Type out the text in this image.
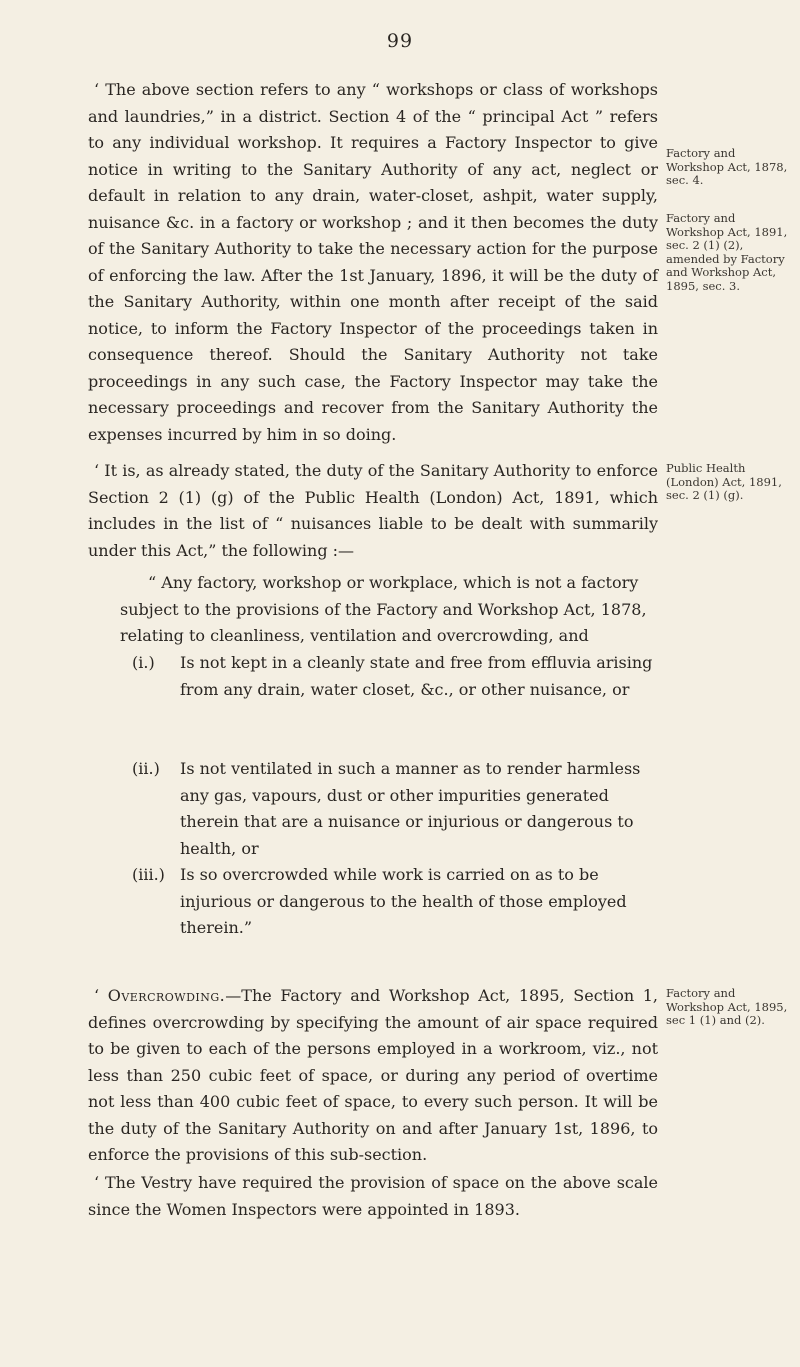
99

‘ The above section refers to any “ workshops or class of workshops and laundries,” in a district. Section 4 of the “ principal Act ” refers to any individual workshop. It requires a Factory Inspector to give notice in writing to the Sanitary Authority of any act, neglect or default in relation to any drain, water-closet, ashpit, water supply, nuisance &c. in a factory or workshop ; and it then becomes the duty of the Sanitary Authority to take the necessary action for the purpose of enforcing the law. After the 1st January, 1896, it will be the duty of the Sanitary Authority, within one month after receipt of the said notice, to inform the Factory Inspector of the proceedings taken in consequence thereof. Should the Sanitary Authority not take proceedings in any such case, the Factory Inspector may take the necessary proceedings and recover from the Sanitary Authority the expenses incurred by him in so doing.

Factory and Workshop Act, 1878, sec. 4.
Factory and Workshop Act, 1891, sec. 2 (1) (2), amended by Factory and Workshop Act, 1895, sec. 3.

‘ It is, as already stated, the duty of the Sanitary Authority to enforce Section 2 (1) (g) of the Public Health (London) Act, 1891, which includes in the list of “ nuisances liable to be dealt with summarily under this Act,” the following :—

Public Health (London) Act, 1891, sec. 2 (1) (g).

“ Any factory, workshop or workplace, which is not a factory subject to the provisions of the Factory and Workshop Act, 1878, relating to cleanliness, ventilation and overcrowding, and

(i.) Is not kept in a cleanly state and free from effluvia arising from any drain, water closet, &c., or other nuisance, or
(ii.) Is not ventilated in such a manner as to render harmless any gas, vapours, dust or other impurities generated therein that are a nuisance or injurious or dangerous to health, or
(iii.) Is so overcrowded while work is carried on as to be injurious or dangerous to the health of those employed therein.”

‘ Overcrowding.—The Factory and Workshop Act, 1895, Section 1, defines overcrowding by specifying the amount of air space required to be given to each of the persons employed in a workroom, viz., not less than 250 cubic feet of space, or during any period of overtime not less than 400 cubic feet of space, to every such person. It will be the duty of the Sanitary Authority on and after January 1st, 1896, to enforce the provisions of this sub-section.

Factory and Workshop Act, 1895, sec 1 (1) and (2).

‘ The Vestry have required the provision of space on the above scale since the Women Inspectors were appointed in 1893.
